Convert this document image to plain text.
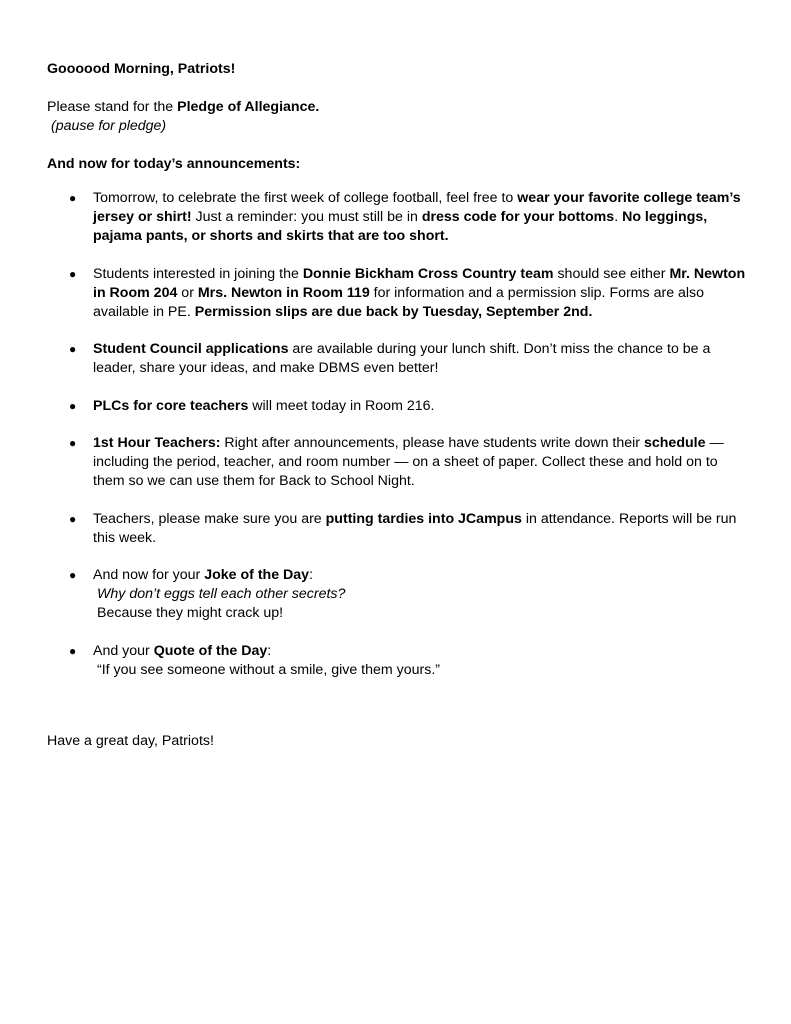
Goooood Morning, Patriots!

Please stand for the Pledge of Allegiance.

(pause for pledge)

And now for today’s announcements:

● Tomorrow, to celebrate the first week of college football, feel free to wear your favorite college team’s jersey or shirt! Just a reminder: you must still be in dress code for your bottoms. No leggings, pajama pants, or shorts and skirts that are too short.
● Students interested in joining the Donnie Bickham Cross Country team should see either Mr. Newton in Room 204 or Mrs. Newton in Room 119 for information and a permission slip. Forms are also available in PE. Permission slips are due back by Tuesday, September 2nd.
● Student Council applications are available during your lunch shift. Don’t miss the chance to be a leader, share your ideas, and make DBMS even better!
● PLCs for core teachers will meet today in Room 216.
● 1st Hour Teachers: Right after announcements, please have students write down their schedule — including the period, teacher, and room number — on a sheet of paper. Collect these and hold on to them so we can use them for Back to School Night.
● Teachers, please make sure you are putting tardies into JCampus in attendance. Reports will be run this week.
● And now for your Joke of the Day:
Why don’t eggs tell each other secrets?
Because they might crack up!
● And your Quote of the Day:
“If you see someone without a smile, give them yours.”

Have a great day, Patriots!
